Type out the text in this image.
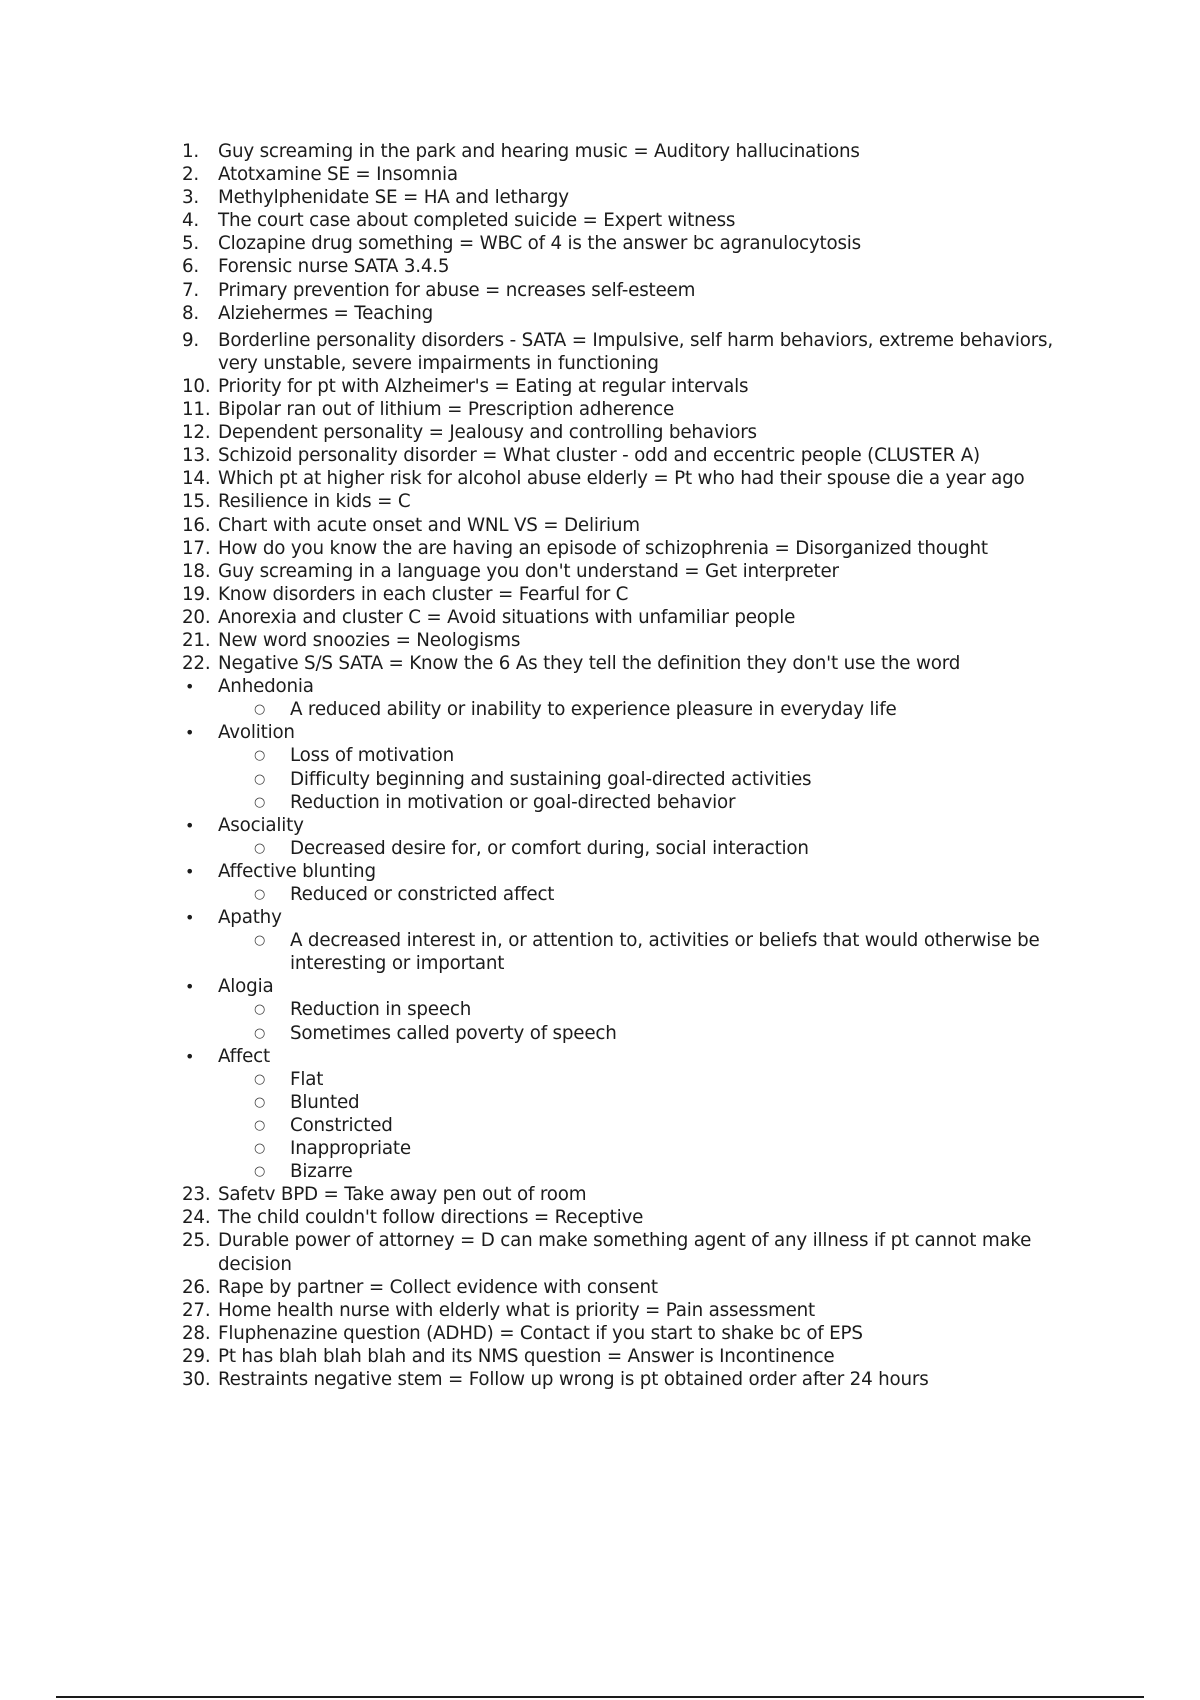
1.	Guy screaming in the park and hearing music = Auditory hallucinations
2.	Atotxamine SE = Insomnia
3.	Methylphenidate SE = HA and lethargy
4.	The court case about completed suicide = Expert witness
5.	Clozapine drug something = WBC of 4 is the answer bc agranulocytosis
6.	Forensic nurse SATA 3.4.5
7.	Primary prevention for abuse = ncreases self-esteem
8.	Alziehermes = Teaching
9.	Borderline personality disorders - SATA = Impulsive, self harm behaviors, extreme behaviors, very unstable, severe impairments in functioning
10. Priority for pt with Alzheimer's = Eating at regular intervals
11. Bipolar ran out of lithium = Prescription adherence
12. Dependent personality = Jealousy and controlling behaviors
13. Schizoid personality disorder = What cluster - odd and eccentric people (CLUSTER A)
14. Which pt at higher risk for alcohol abuse elderly = Pt who had their spouse die a year ago
15. Resilience in kids = C
16. Chart with acute onset and WNL VS = Delirium
17. How do you know the are having an episode of schizophrenia = Disorganized thought
18. Guy screaming in a language you don't understand = Get interpreter
19. Know disorders in each cluster = Fearful for C
20. Anorexia and cluster C = Avoid situations with unfamiliar people
21. New word snoozies = Neologisms
22. Negative S/S SATA = Know the 6 As they tell the definition they don't use the word
•	Anhedonia
○	A reduced ability or inability to experience pleasure in everyday life
•	Avolition
○	Loss of motivation
○	Difficulty beginning and sustaining goal-directed activities
○	Reduction in motivation or goal-directed behavior
•	Asociality
○	Decreased desire for, or comfort during, social interaction
•	Affective blunting
○	Reduced or constricted affect
•	Apathy
○	A decreased interest in, or attention to, activities or beliefs that would otherwise be interesting or important
•	Alogia
○	Reduction in speech
○	Sometimes called poverty of speech
•	Affect
○	Flat
○	Blunted
○	Constricted
○	Inappropriate
○	Bizarre
23. Safetv BPD = Take away pen out of room
24. The child couldn't follow directions = Receptive
25. Durable power of attorney = D can make something agent of any illness if pt cannot make decision
26. Rape by partner = Collect evidence with consent
27. Home health nurse with elderly what is priority = Pain assessment
28. Fluphenazine question (ADHD) = Contact if you start to shake bc of EPS
29. Pt has blah blah blah and its NMS question = Answer is Incontinence
30. Restraints negative stem = Follow up wrong is pt obtained order after 24 hours
